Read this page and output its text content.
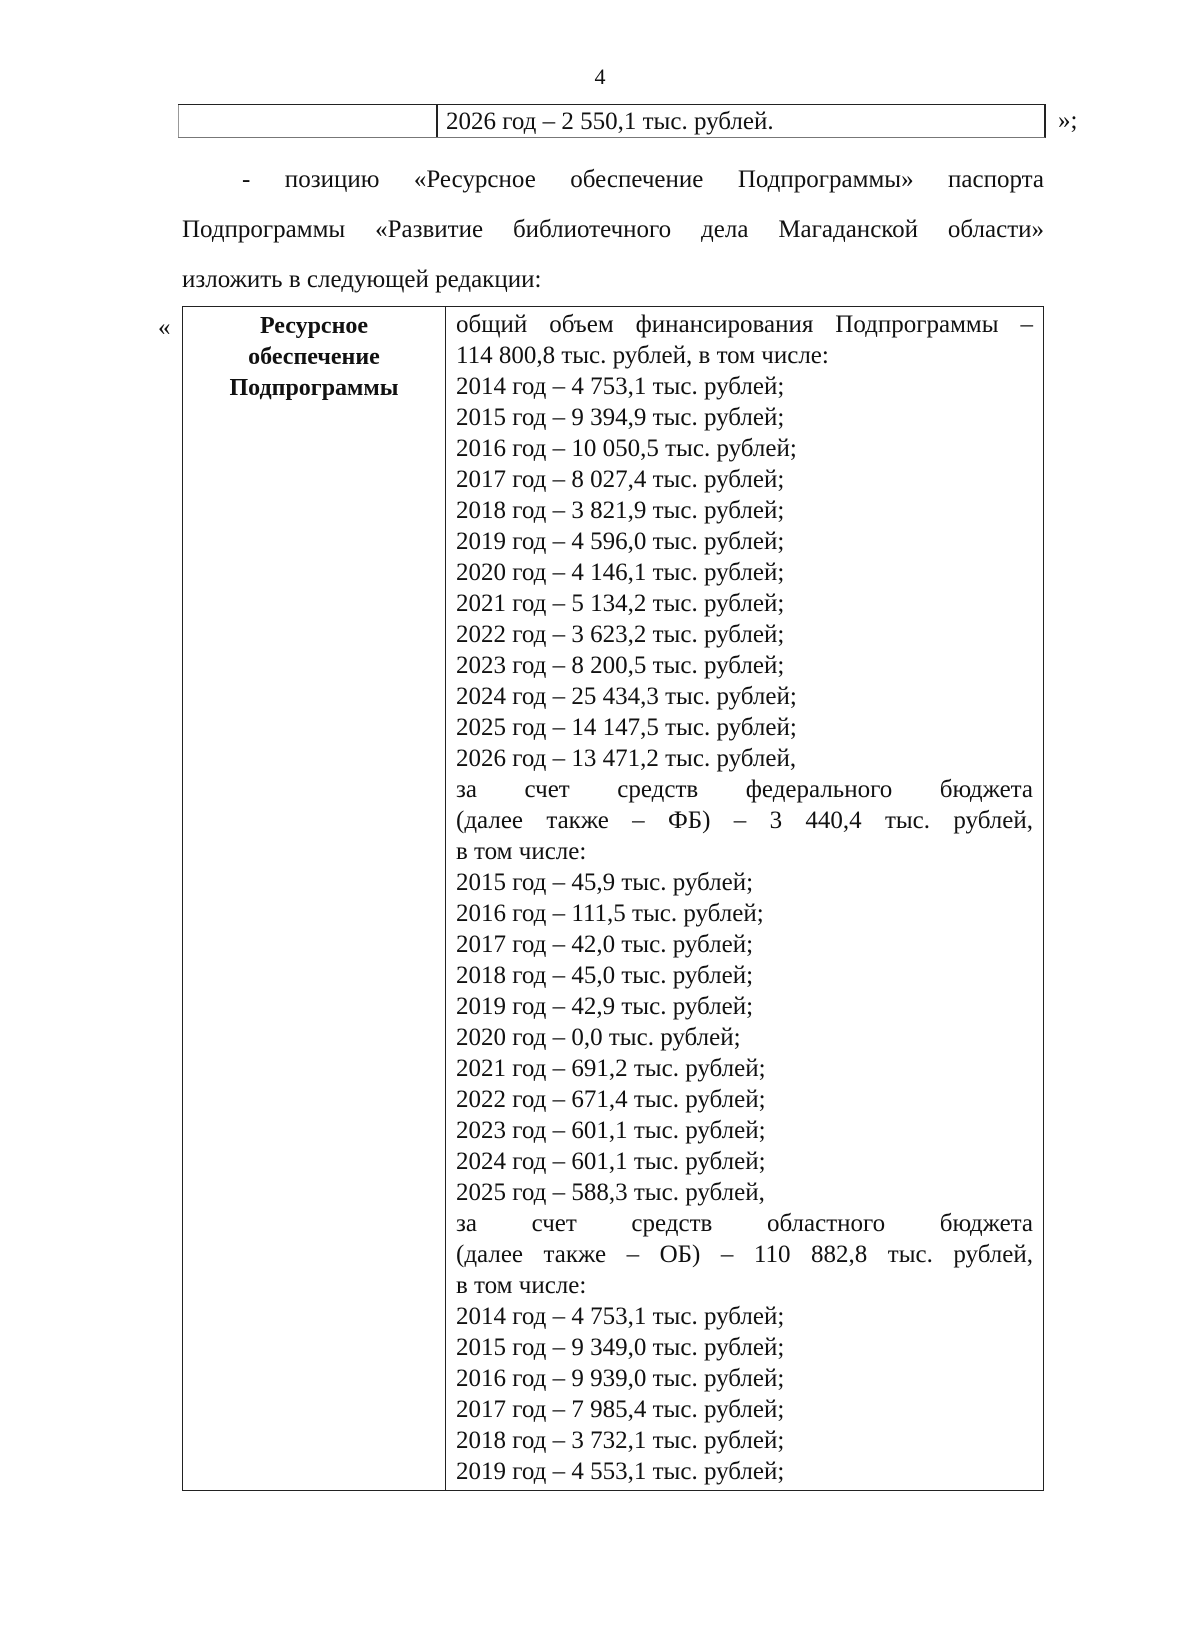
4
2026 год – 2 550,1 тыс. рублей.	»;
- позицию «Ресурсное обеспечение Подпрограммы» паспорта
Подпрограммы «Развитие библиотечного дела Магаданской области»
изложить в следующей редакции:
«	Ресурсное
обеспечение
Подпрограммы
общий объем финансирования Подпрограммы –
114 800,8 тыс. рублей, в том числе:
2014 год – 4 753,1 тыс. рублей;
2015 год – 9 394,9 тыс. рублей;
2016 год – 10 050,5 тыс. рублей;
2017 год – 8 027,4 тыс. рублей;
2018 год – 3 821,9 тыс. рублей;
2019 год – 4 596,0 тыс. рублей;
2020 год – 4 146,1 тыс. рублей;
2021 год – 5 134,2 тыс. рублей;
2022 год – 3 623,2 тыс. рублей;
2023 год – 8 200,5 тыс. рублей;
2024 год – 25 434,3 тыс. рублей;
2025 год – 14 147,5 тыс. рублей;
2026 год – 13 471,2 тыс. рублей,
за счет средств федерального бюджета
(далее также – ФБ) – 3 440,4 тыс. рублей,
в том числе:
2015 год – 45,9 тыс. рублей;
2016 год – 111,5 тыс. рублей;
2017 год – 42,0 тыс. рублей;
2018 год – 45,0 тыс. рублей;
2019 год – 42,9 тыс. рублей;
2020 год – 0,0 тыс. рублей;
2021 год – 691,2 тыс. рублей;
2022 год – 671,4 тыс. рублей;
2023 год – 601,1 тыс. рублей;
2024 год – 601,1 тыс. рублей;
2025 год – 588,3 тыс. рублей,
за счет средств областного бюджета
(далее также – ОБ) – 110 882,8 тыс. рублей,
в том числе:
2014 год – 4 753,1 тыс. рублей;
2015 год – 9 349,0 тыс. рублей;
2016 год – 9 939,0 тыс. рублей;
2017 год – 7 985,4 тыс. рублей;
2018 год – 3 732,1 тыс. рублей;
2019 год – 4 553,1 тыс. рублей;
